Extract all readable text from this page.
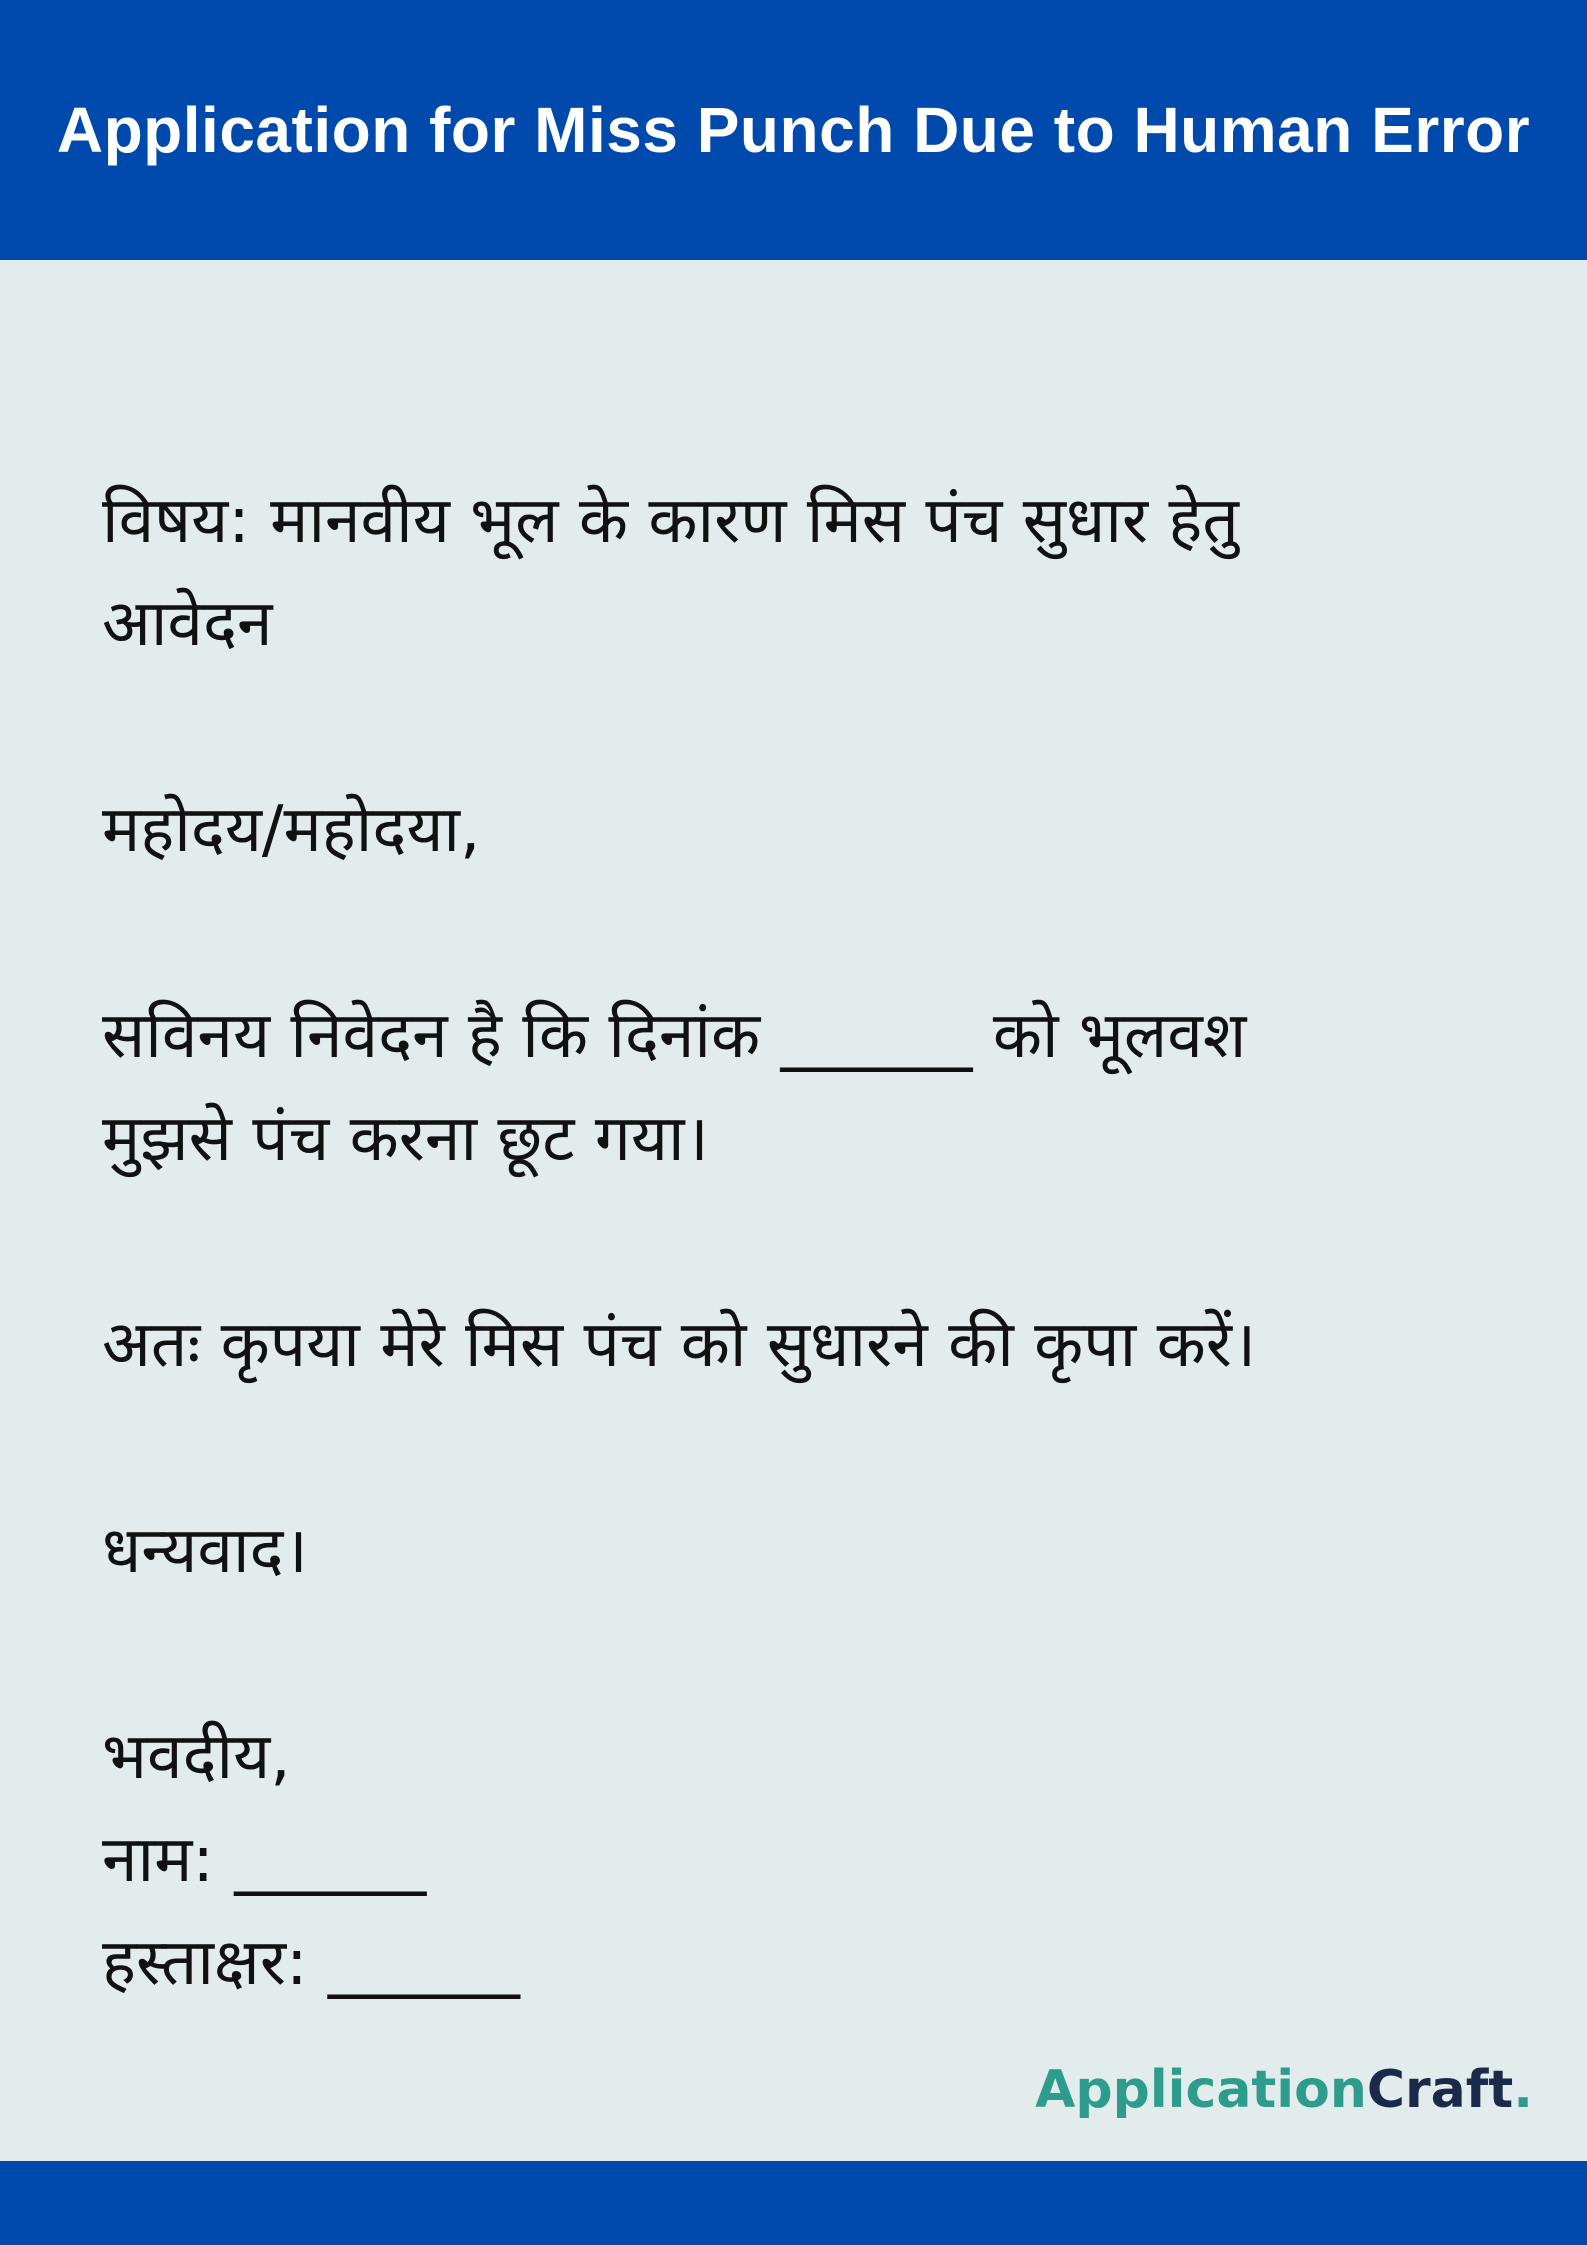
Application for Miss Punch Due to Human Error

विषय: मानवीय भूल के कारण मिस पंच सुधार हेतु

आवेदन

महोदय/महोदया,

सविनय निवेदन है कि दिनांक ______ को भूलवश

मुझसे पंच करना छूट गया।

अतः कृपया मेरे मिस पंच को सुधारने की कृपा करें।

धन्यवाद।

भवदीय,

नाम: ______

हस्ताक्षर: ______

ApplicationCraft.
